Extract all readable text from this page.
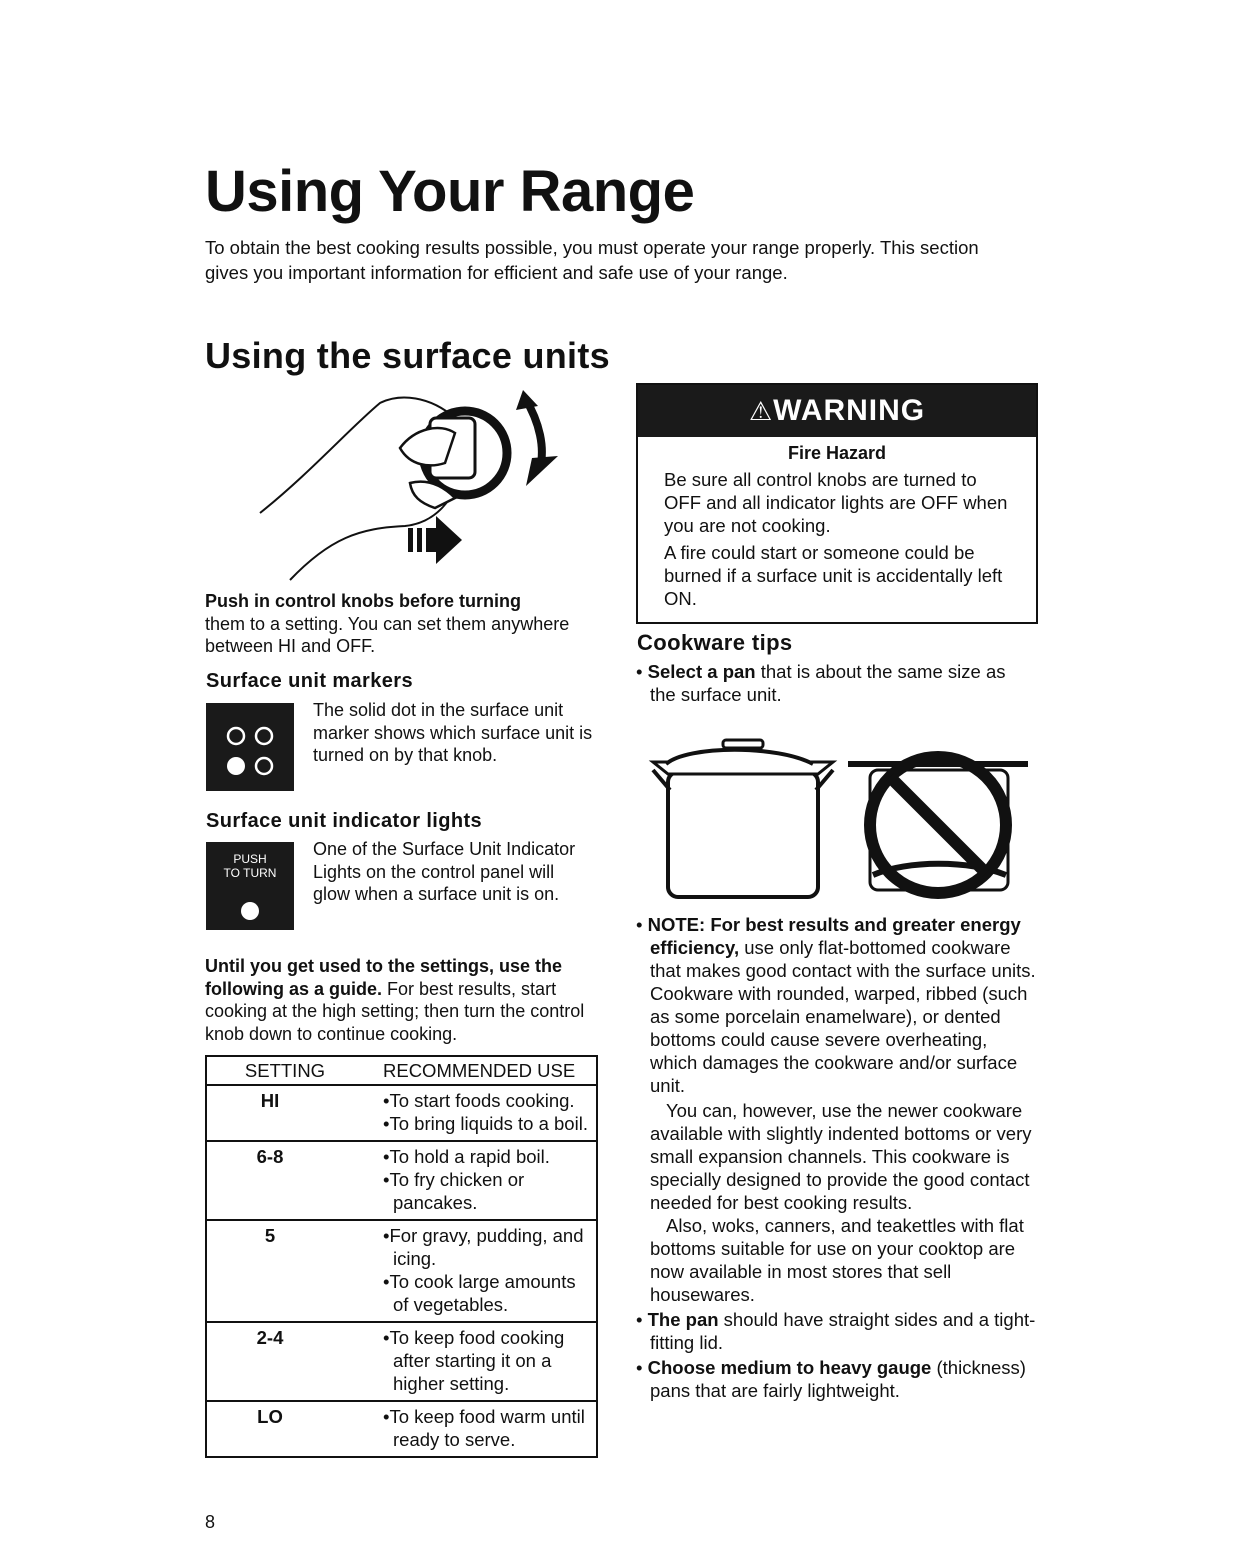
Using Your Range

To obtain the best cooking results possible, you must operate your range properly. This section gives you important information for efficient and safe use of your range.

Using the surface units
Push in control knobs before turning
them to a setting. You can set them anywhere between HI and OFF.
Surface unit markers
The solid dot in the surface unit marker shows which surface unit is turned on by that knob.
Surface unit indicator lights
PUSH
TO TURN
One of the Surface Unit Indicator Lights on the control panel will glow when a surface unit is on.
Until you get used to the settings, use the following as a guide. For best results, start cooking at the high setting; then turn the control knob down to continue cooking.
SETTING	RECOMMENDED USE
HI	•To start foods cooking.
•To bring liquids to a boil.

6-8	•To hold a rapid boil.
•To fry chicken or pancakes.

5	•For gravy, pudding, and icing.
•To cook large amounts of vegetables.

2-4	•To keep food cooking after starting it on a higher setting.

LO	•To keep food warm until ready to serve.
8
⚠WARNING
Fire Hazard

Be sure all control knobs are turned to OFF and all indicator lights are OFF when you are not cooking.

A fire could start or someone could be burned if a surface unit is accidentally left ON.

Cookware tips

• Select a pan that is about the same size as the surface unit.

• NOTE: For best results and greater energy efficiency, use only flat-bottomed cookware that makes good contact with the surface units. Cookware with rounded, warped, ribbed (such as some porcelain enamelware), or dented bottoms could cause severe overheating, which damages the cookware and/or surface unit.

You can, however, use the newer cookware available with slightly indented bottoms or very small expansion channels. This cookware is specially designed to provide the good contact needed for best cooking results.

Also, woks, canners, and teakettles with flat bottoms suitable for use on your cooktop are now available in most stores that sell housewares.

• The pan should have straight sides and a tight-fitting lid.

• Choose medium to heavy gauge (thickness) pans that are fairly lightweight.
